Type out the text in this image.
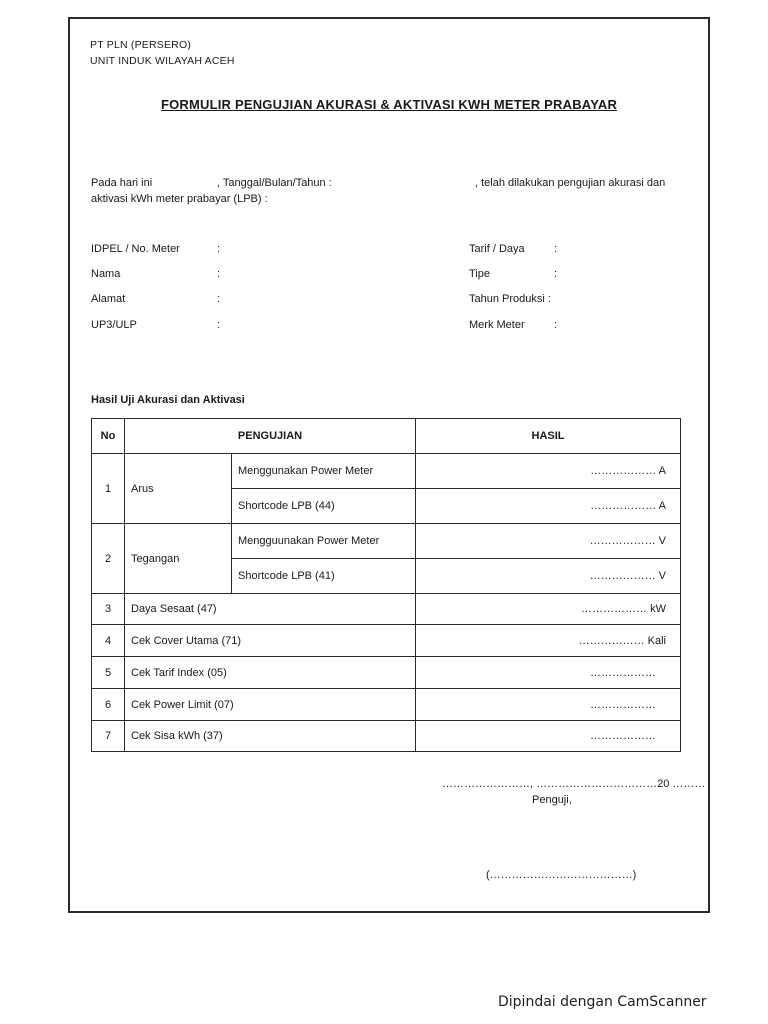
PT PLN (PERSERO)
UNIT INDUK WILAYAH ACEH
FORMULIR PENGUJIAN AKURASI & AKTIVASI KWH METER PRABAYAR
Pada hari ini	, Tanggal/Bulan/Tahun :	, telah dilakukan pengujian akurasi dan
aktivasi kWh meter prabayar (LPB) :
IDPEL / No. Meter	:
Nama	:
Alamat	:
UP3/ULP	:
Tarif / Daya	:
Tipe	:
Tahun Produksi :
Merk Meter	:
Hasil Uji Akurasi dan Aktivasi
No	PENGUJIAN		HASIL
1	Arus	Menggunakan Power Meter	……………… A
		Shortcode LPB (44)	……………… A
2	Tegangan	Mengguunakan Power Meter	……………… V
		Shortcode LPB (41)	……………… V
3	Daya Sesaat (47)		……………… kW
4	Cek Cover Utama (71)		……………… Kali
5	Cek Tarif Index (05)		………………
6	Cek Power Limit (07)		………………
7	Cek Sisa kWh (37)		………………
……………………, ……………………………20 ………
Penguji,
(…………………………………)
Dipindai dengan CamScanner
